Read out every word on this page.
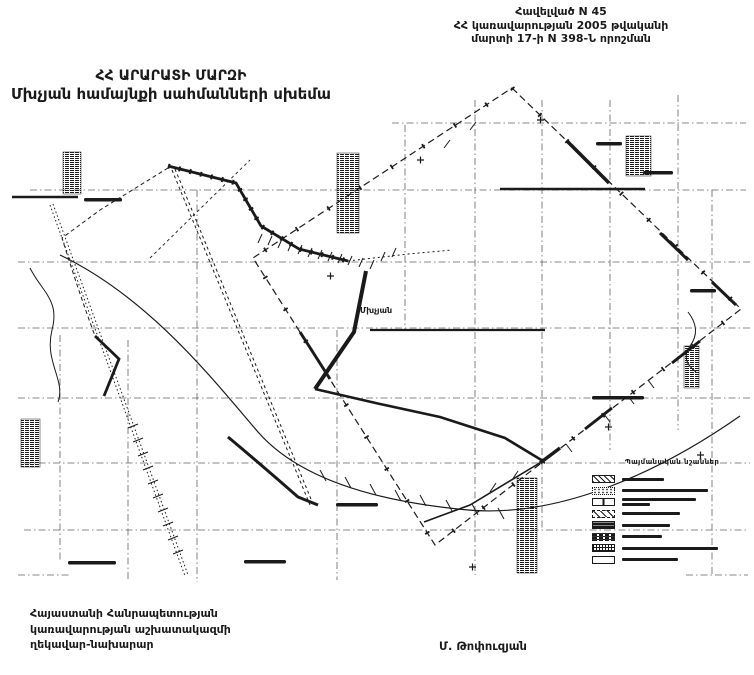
Հավելված N 45
ՀՀ կառավարության 2005 թվականի
մարտի 17-ի N 398-Ն որոշման
ՀՀ ԱՐԱՐԱՏԻ ՄԱՐԶԻ
Մխչյան համայնքի սահմանների սխեմա
Մխչյան
Պայմանական նշաններ
Հայաստանի Հանրապետության
կառավարության աշխատակազմի
ղեկավար-նախարար	Մ. Թոփուզյան
